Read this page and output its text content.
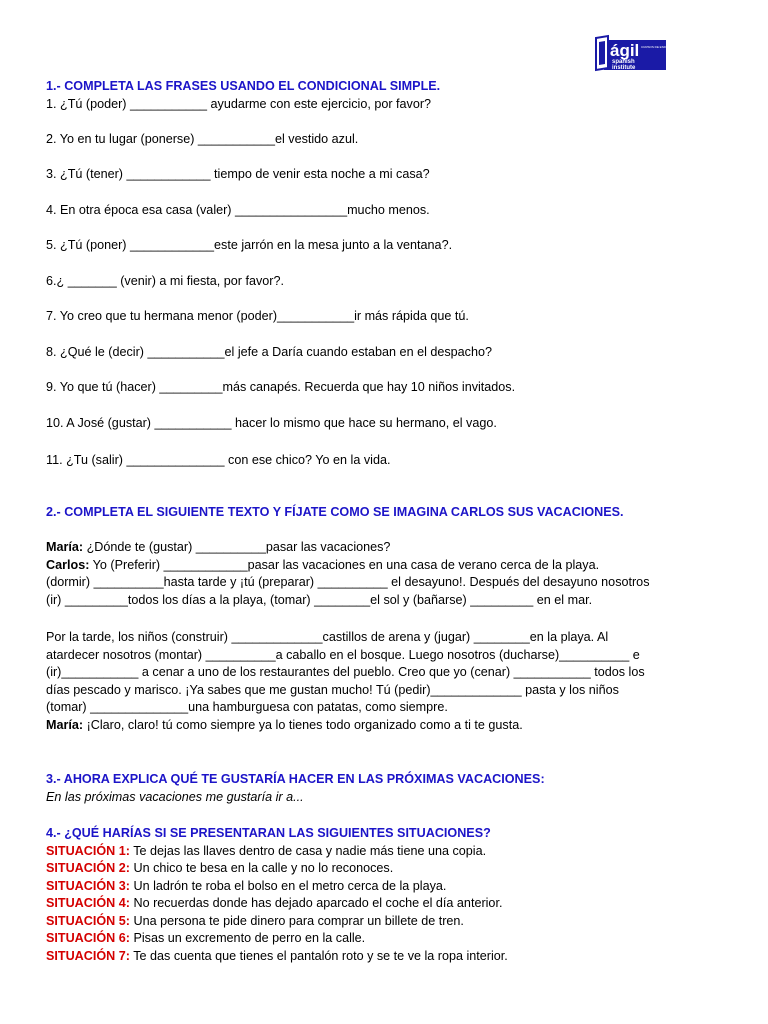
ágil CURSOS DE ESPAÑOL
spanish
institute

1.- COMPLETA LAS FRASES USANDO EL CONDICIONAL SIMPLE.

1. ¿Tú (poder) ___________ ayudarme con este ejercicio, por favor?

2. Yo en tu lugar (ponerse) ___________el vestido azul.

3. ¿Tú (tener) ____________ tiempo de venir esta noche a mi casa?

4. En otra época esa casa (valer) ________________mucho menos.

5. ¿Tú (poner) ____________este jarrón en la mesa junto a la ventana?.

6.¿ _______ (venir) a mi fiesta, por favor?.

7. Yo creo que tu hermana menor (poder)___________ir más rápida que tú.

8. ¿Qué le (decir) ___________el jefe a Daría cuando estaban en el despacho?

9. Yo que tú (hacer) _________más canapés. Recuerda que hay 10 niños invitados.

10. A José (gustar) ___________ hacer lo mismo que hace su hermano, el vago.

11. ¿Tu (salir) ______________ con ese chico? Yo en la vida.

2.- COMPLETA EL SIGUIENTE TEXTO Y FÍJATE COMO SE IMAGINA CARLOS SUS VACACIONES.

María: ¿Dónde te (gustar) __________pasar las vacaciones?

Carlos: Yo (Preferir) ____________pasar las vacaciones en una casa de verano cerca de la playa.

(dormir) __________hasta tarde y ¡tú (preparar) __________ el desayuno!. Después del desayuno nosotros

(ir) _________todos los días a la playa, (tomar) ________el sol y (bañarse) _________ en el mar.

Por la tarde, los niños (construir) _____________castillos de arena y (jugar) ________en la playa. Al

atardecer nosotros (montar) __________a caballo en el bosque. Luego nosotros (ducharse)__________ e

(ir)___________ a cenar a uno de los restaurantes del pueblo. Creo que yo (cenar) ___________ todos los

días pescado y marisco. ¡Ya sabes que me gustan mucho! Tú (pedir)_____________ pasta y los niños

(tomar) ______________una hamburguesa con patatas, como siempre.

María: ¡Claro, claro! tú como siempre ya lo tienes todo organizado como a ti te gusta.

3.- AHORA EXPLICA QUÉ TE GUSTARÍA HACER EN LAS PRÓXIMAS VACACIONES:

En las próximas vacaciones me gustaría ir a...

4.- ¿QUÉ HARÍAS SI SE PRESENTARAN LAS SIGUIENTES SITUACIONES?

SITUACIÓN 1: Te dejas las llaves dentro de casa y nadie más tiene una copia.

SITUACIÓN 2: Un chico te besa en la calle y no lo reconoces.

SITUACIÓN 3: Un ladrón te roba el bolso en el metro cerca de la playa.

SITUACIÓN 4: No recuerdas donde has dejado aparcado el coche el día anterior.

SITUACIÓN 5: Una persona te pide dinero para comprar un billete de tren.

SITUACIÓN 6: Pisas un excremento de perro en la calle.

SITUACIÓN 7: Te das cuenta que tienes el pantalón roto y se te ve la ropa interior.
